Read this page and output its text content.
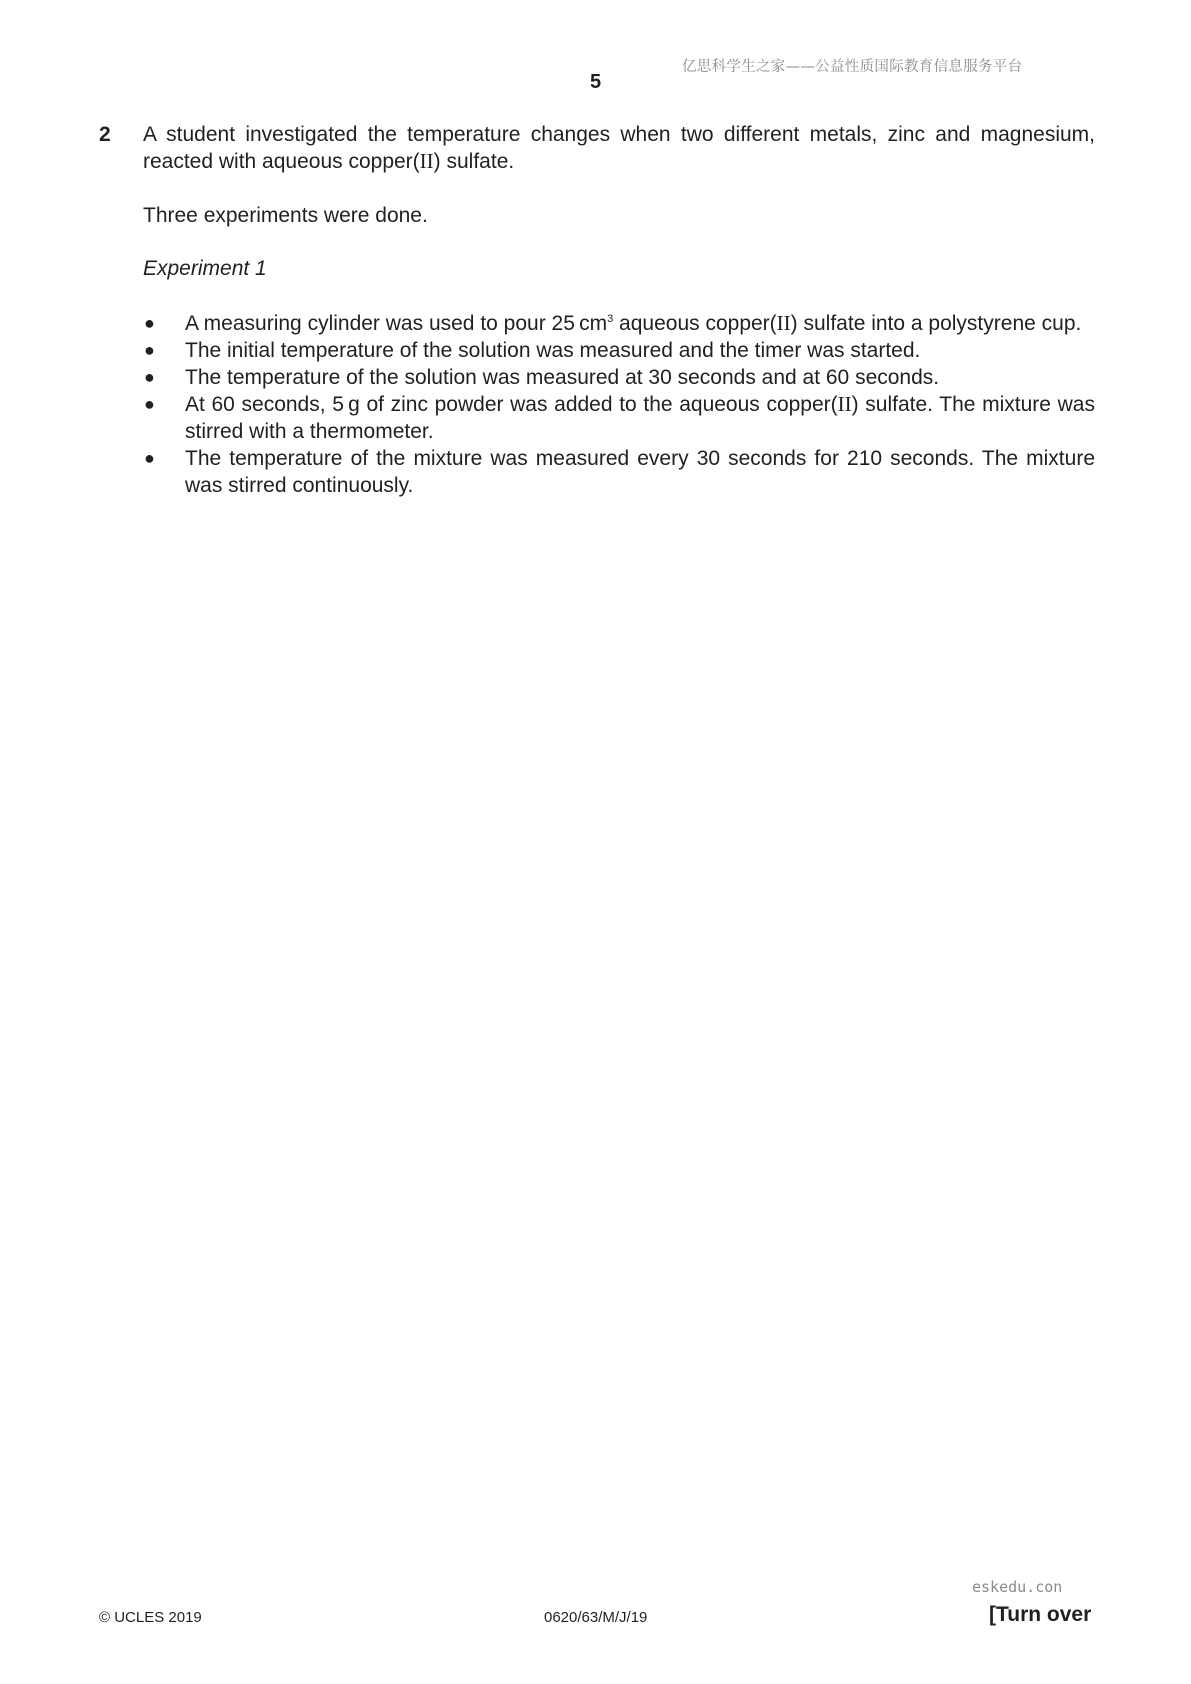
亿思科学生之家——公益性质国际教育信息服务平台
5
2 A student investigated the temperature changes when two different metals, zinc and magnesium, reacted with aqueous copper(II) sulfate.
Three experiments were done.
Experiment 1
● A measuring cylinder was used to pour 25 $cm^3$ aqueous copper(II) sulfate into a polystyrene cup.
● The initial temperature of the solution was measured and the timer was started.
● The temperature of the solution was measured at 30 seconds and at 60 seconds.
● At 60 seconds, 5 g of zinc powder was added to the aqueous copper(II) sulfate. The mixture was stirred with a thermometer.
● The temperature of the mixture was measured every 30 seconds for 210 seconds. The mixture was stirred continuously.
eskedu.con
© UCLES 2019	0620/63/M/J/19	[Turn over
